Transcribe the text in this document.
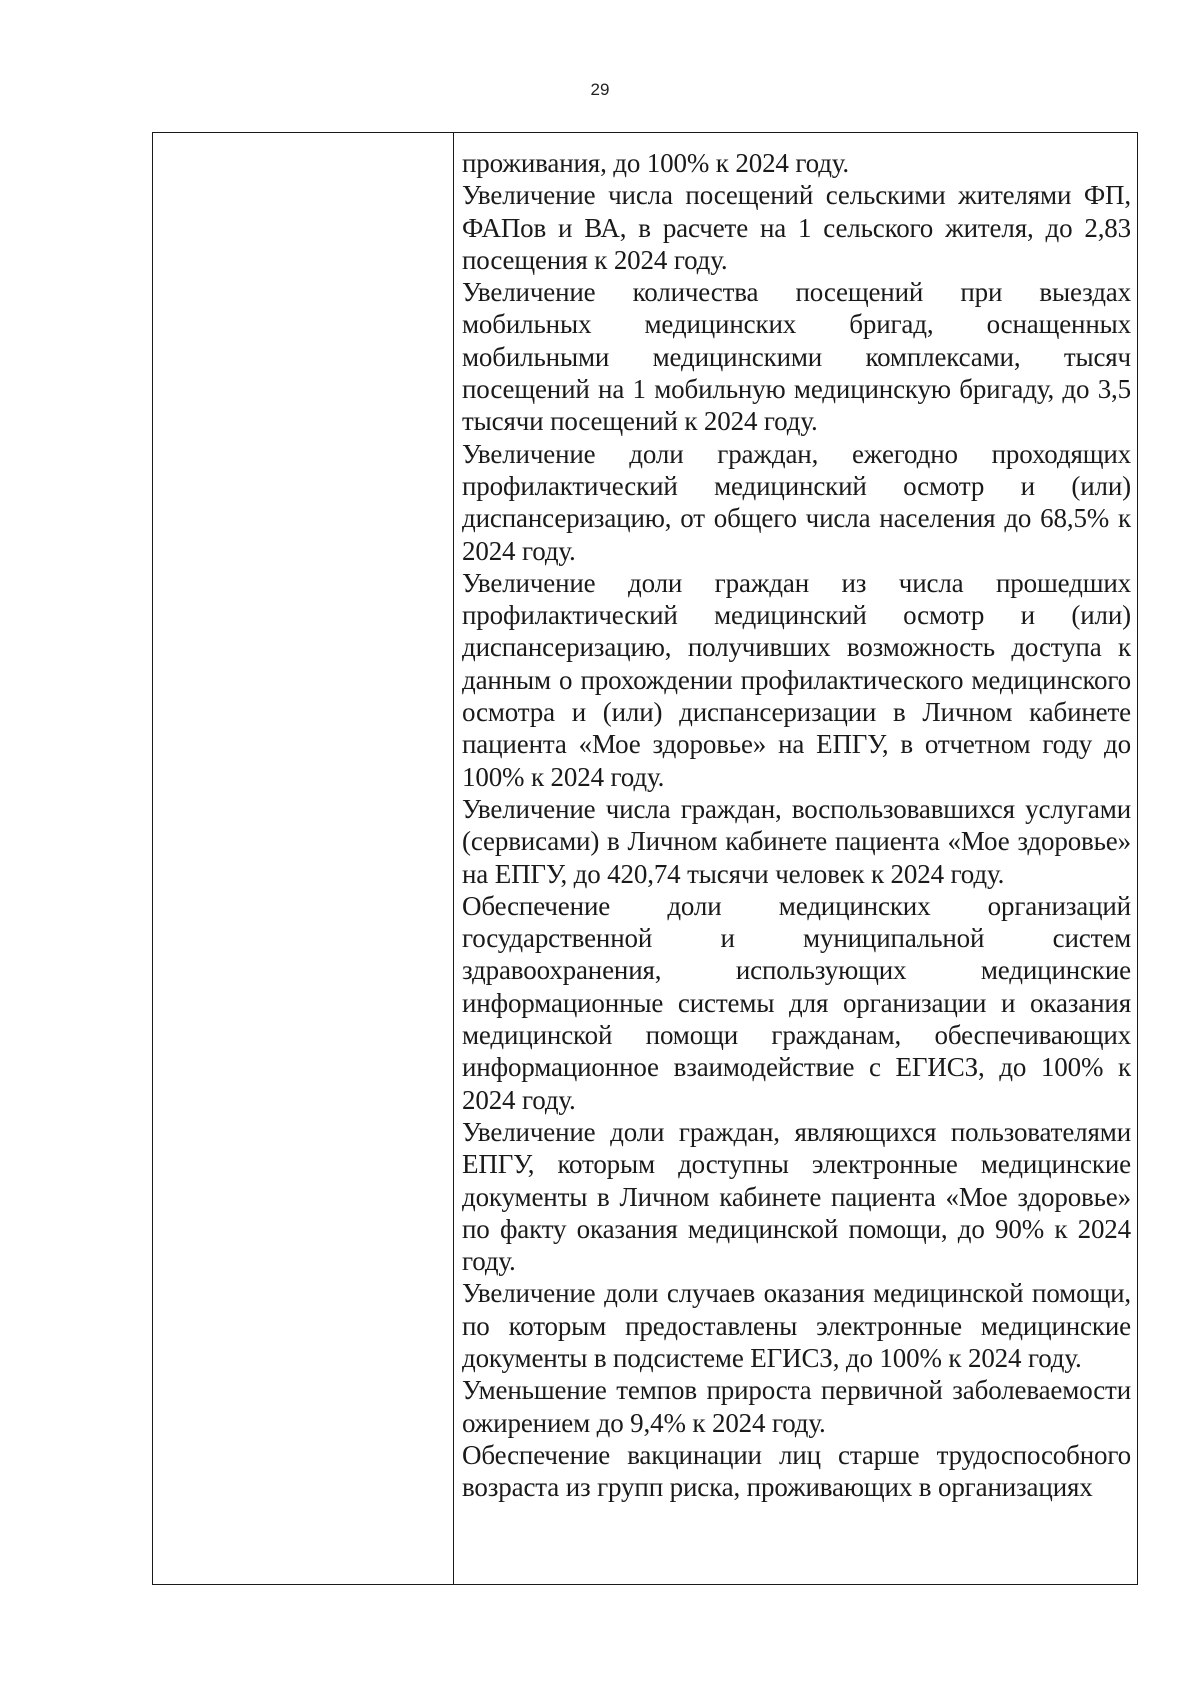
29

проживания, до 100% к 2024 году.

Увеличение числа посещений сельскими жителями ФП, ФАПов и ВА, в расчете на 1 сельского жителя, до 2,83 посещения к 2024 году.

Увеличение количества посещений при выездах мобильных медицинских бригад, оснащенных мобильными медицинскими комплексами, тысяч посещений на 1 мобильную медицинскую бригаду, до 3,5 тысячи посещений к 2024 году.

Увеличение доли граждан, ежегодно проходящих профилактический медицинский осмотр и (или) диспансеризацию, от общего числа населения до 68,5% к 2024 году.

Увеличение доли граждан из числа прошедших профилактический медицинский осмотр и (или) диспансеризацию, получивших возможность доступа к данным о прохождении профилактического медицинского осмотра и (или) диспансеризации в Личном кабинете пациента «Мое здоровье» на ЕПГУ, в отчетном году до 100% к 2024 году.

Увеличение числа граждан, воспользовавшихся услугами (сервисами) в Личном кабинете пациента «Мое здоровье» на ЕПГУ, до 420,74 тысячи человек к 2024 году.

Обеспечение доли медицинских организаций государственной и муниципальной систем здравоохранения, использующих медицинские информационные системы для организации и оказания медицинской помощи гражданам, обеспечивающих информационное взаимодействие с ЕГИСЗ, до 100% к 2024 году.

Увеличение доли граждан, являющихся пользователями ЕПГУ, которым доступны электронные медицинские документы в Личном кабинете пациента «Мое здоровье» по факту оказания медицинской помощи, до 90% к 2024 году.

Увеличение доли случаев оказания медицинской помощи, по которым предоставлены электронные медицинские документы в подсистеме ЕГИСЗ, до 100% к 2024 году.

Уменьшение темпов прироста первичной заболеваемости ожирением до 9,4% к 2024 году.

Обеспечение вакцинации лиц старше трудоспособного возраста из групп риска, проживающих в организациях
